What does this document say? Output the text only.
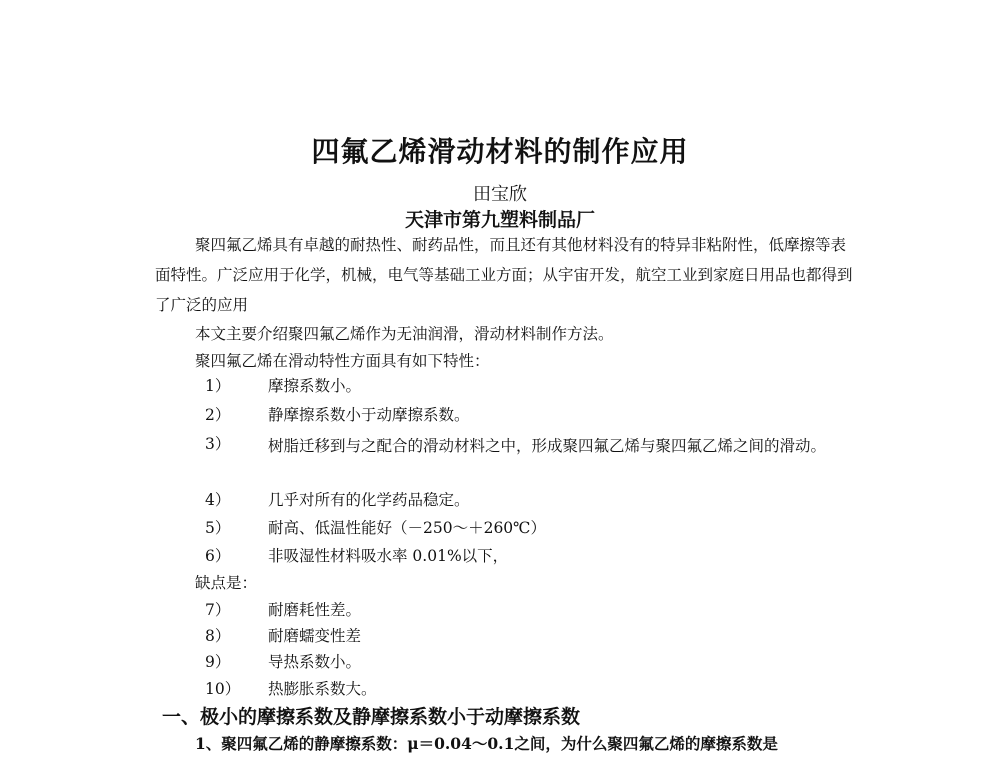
四氟乙烯滑动材料的制作应用
田宝欣
天津市第九塑料制品厂
聚四氟乙烯具有卓越的耐热性、耐药品性，而且还有其他材料没有的特异非粘附性，低摩擦等表面特性。广泛应用于化学，机械，电气等基础工业方面；从宇宙开发，航空工业到家庭日用品也都得到了广泛的应用
本文主要介绍聚四氟乙烯作为无油润滑，滑动材料制作方法。
聚四氟乙烯在滑动特性方面具有如下特性：
1） 摩擦系数小。
2） 静摩擦系数小于动摩擦系数。
3） 树脂迁移到与之配合的滑动材料之中，形成聚四氟乙烯与聚四氟乙烯之间的滑动。
4） 几乎对所有的化学药品稳定。
5） 耐高、低温性能好（－250～＋260℃）
6） 非吸湿性材料吸水率 0.01%以下，
缺点是：
7） 耐磨耗性差。
8） 耐磨蠕变性差
9） 导热系数小。
10） 热膨胀系数大。
一、极小的摩擦系数及静摩擦系数小于动摩擦系数
1、聚四氟乙烯的静摩擦系数：μ＝0.04～0.1之间，为什么聚四氟乙烯的摩擦系数是
